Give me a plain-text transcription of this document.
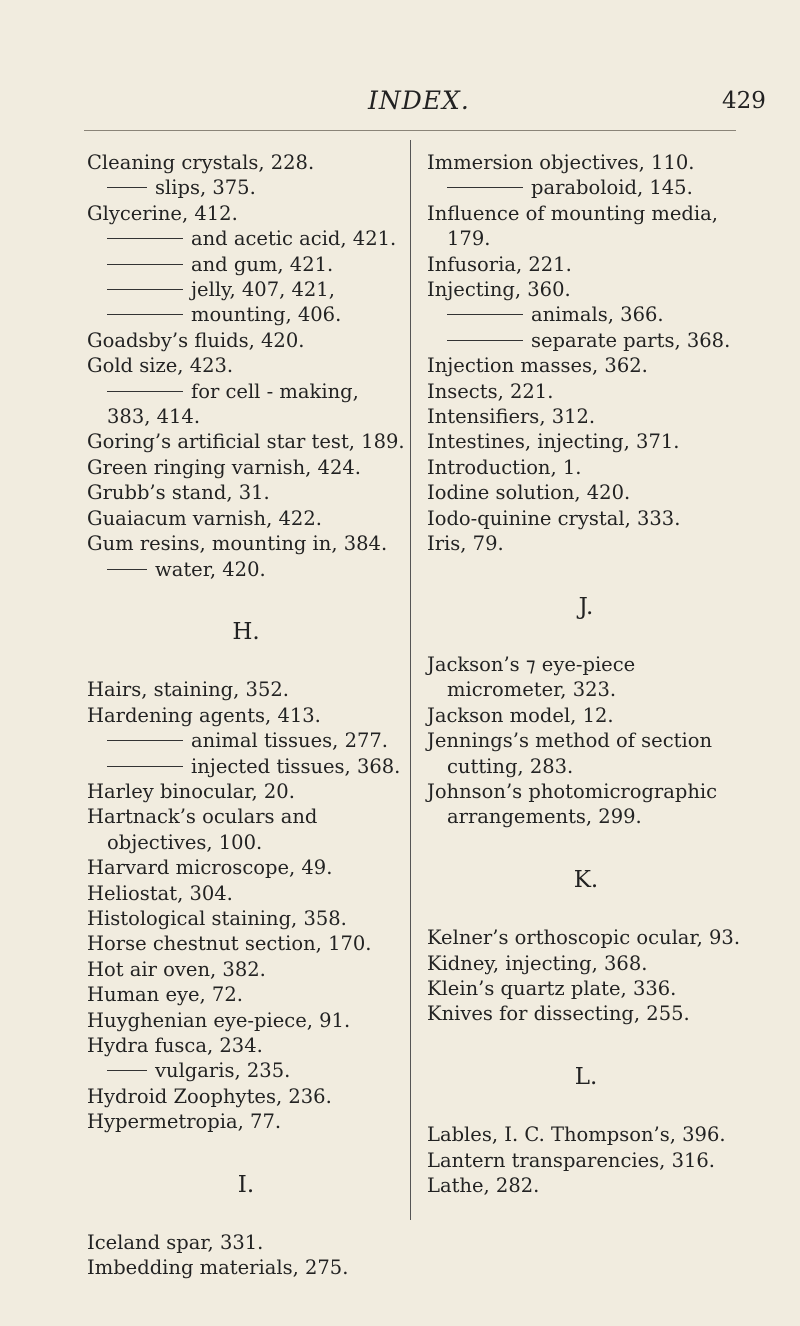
INDEX.	429
Cleaning crystals, 228.
slips, 375.
Glycerine, 412.
and acetic acid, 421.
and gum, 421.
jelly, 407, 421,
mounting, 406.
Goadsby’s fluids, 420.
Gold size, 423.
for cell - making, 383, 414.
Goring’s artificial star test, 189.
Green ringing varnish, 424.
Grubb’s stand, 31.
Guaiacum varnish, 422.
Gum resins, mounting in, 384.
water, 420.
H.
Hairs, staining, 352.
Hardening agents, 413.
animal tissues, 277.
injected tissues, 368.
Harley binocular, 20.
Hartnack’s oculars and objectives, 100.
Harvard microscope, 49.
Heliostat, 304.
Histological staining, 358.
Horse chestnut section, 170.
Hot air oven, 382.
Human eye, 72.
Huyghenian eye-piece, 91.
Hydra fusca, 234.
vulgaris, 235.
Hydroid Zoophytes, 236.
Hypermetropia, 77.
I.
Iceland spar, 331.
Imbedding materials, 275.
Immersion objectives, 110.
paraboloid, 145.
Influence of mounting media, 179.
Infusoria, 221.
Injecting, 360.
animals, 366.
separate parts, 368.
Injection masses, 362.
Insects, 221.
Intensifiers, 312.
Intestines, injecting, 371.
Introduction, 1.
Iodine solution, 420.
Iodo-quinine crystal, 333.
Iris, 79.
J.
Jackson’s ⁊ eye-piece micrometer, 323.
Jackson model, 12.
Jennings’s method of section cutting, 283.
Johnson’s photomicrographic arrangements, 299.
K.
Kelner’s orthoscopic ocular, 93.
Kidney, injecting, 368.
Klein’s quartz plate, 336.
Knives for dissecting, 255.
L.
Lables, I. C. Thompson’s, 396.
Lantern transparencies, 316.
Lathe, 282.
